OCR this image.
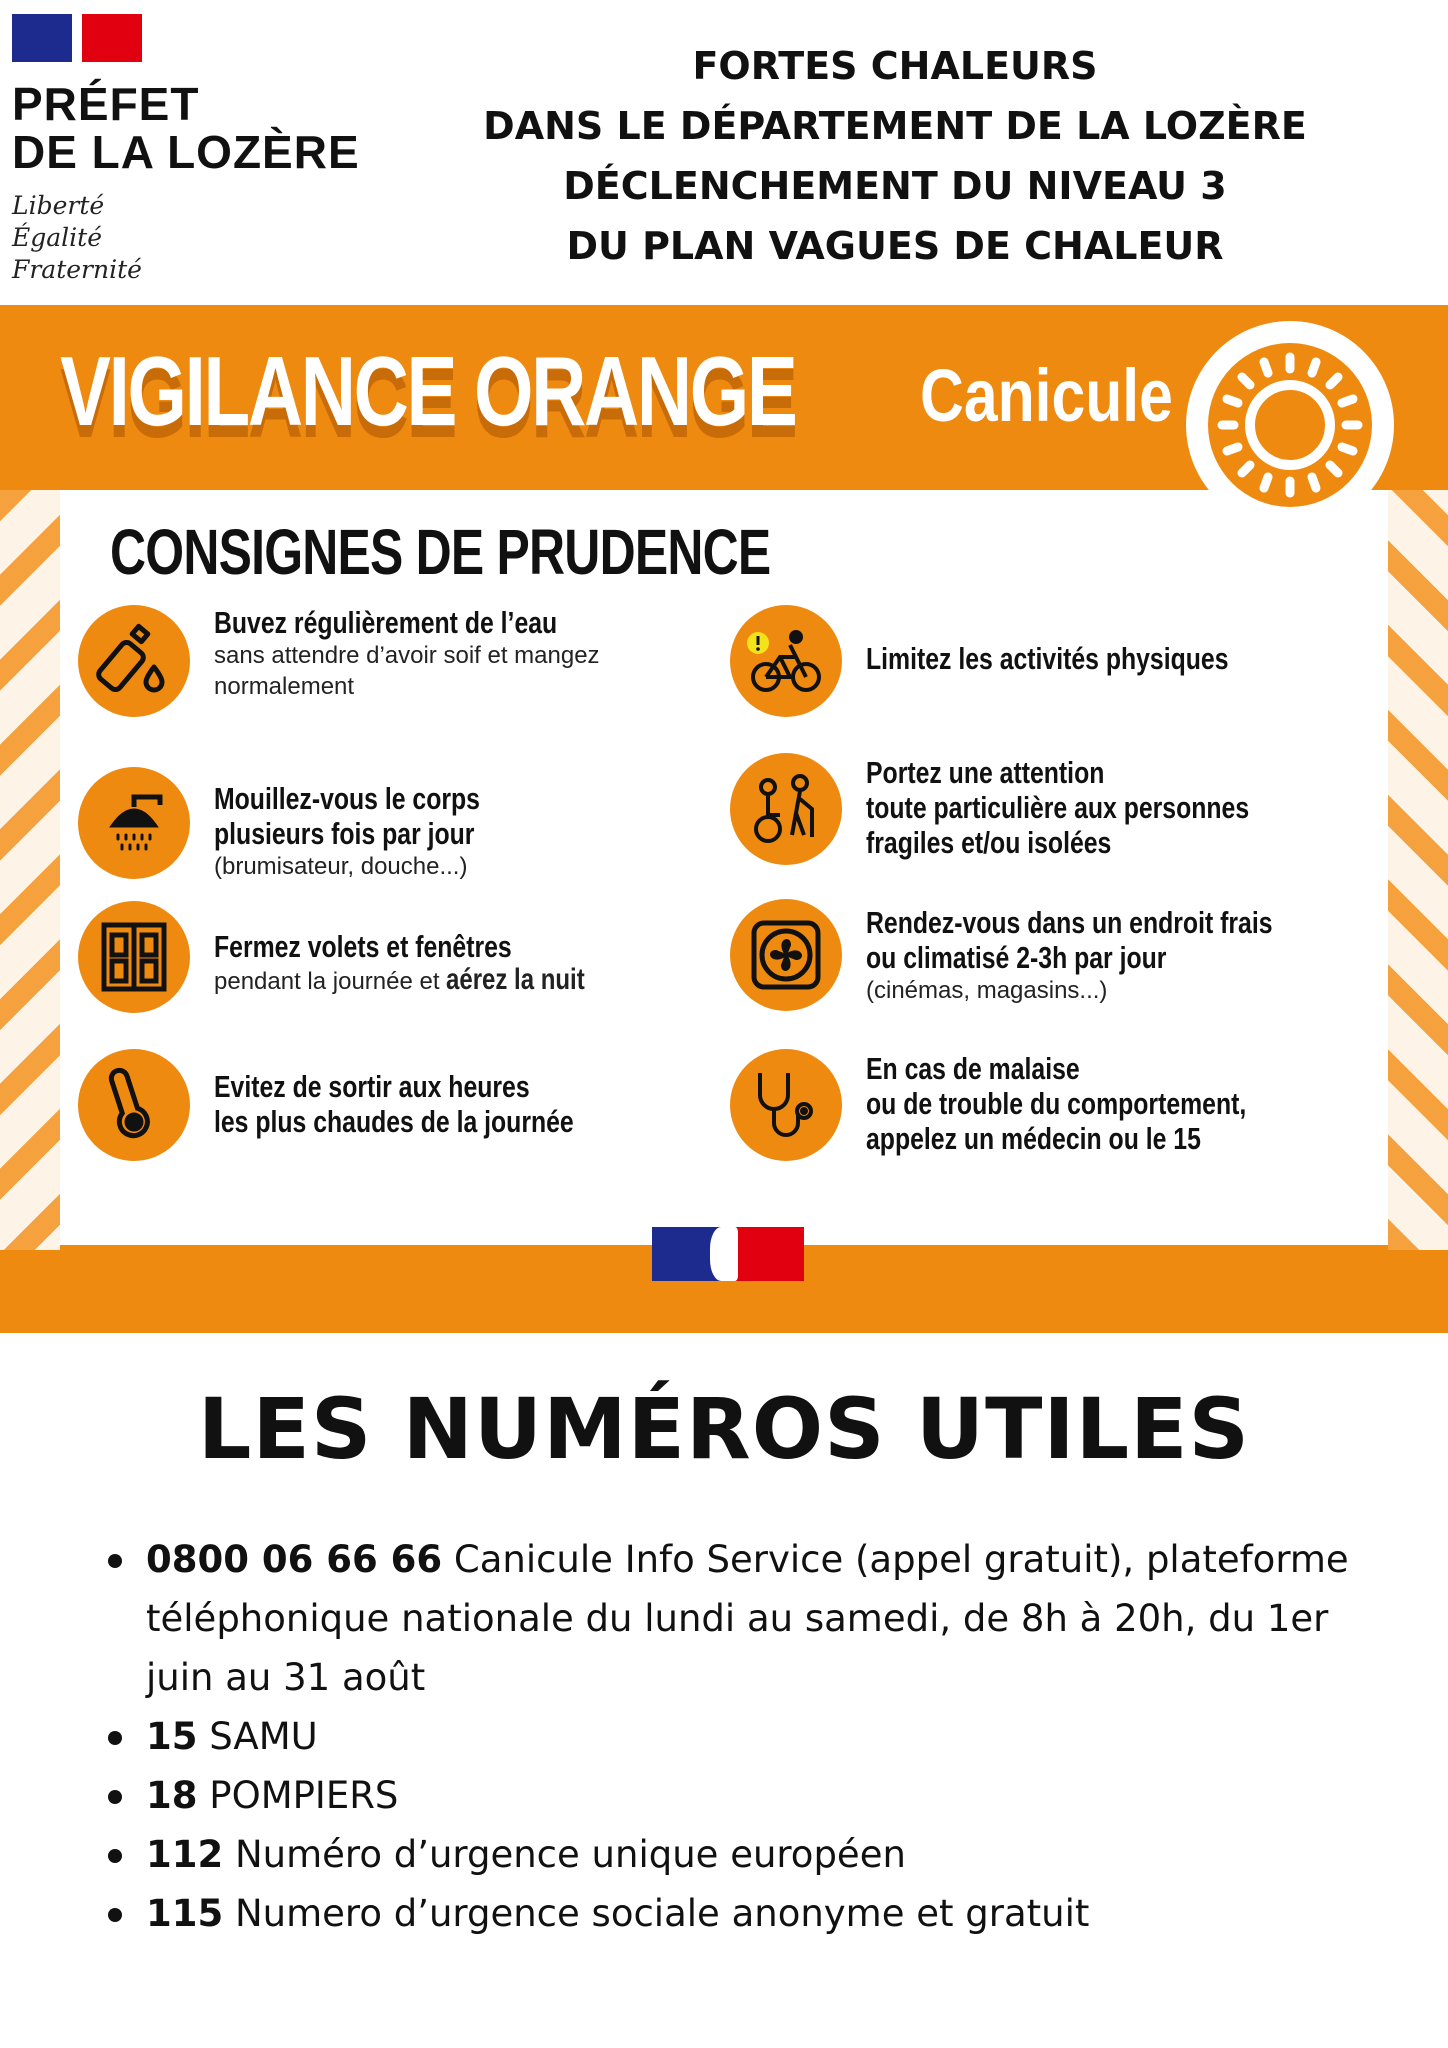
PRÉFET
DE LA LOZÈRE
Liberté
Égalité
Fraternité
FORTES CHALEURS
DANS LE DÉPARTEMENT DE LA LOZÈRE
DÉCLENCHEMENT DU NIVEAU 3
DU PLAN VAGUES DE CHALEUR
VIGILANCE ORANGE Canicule
CONSIGNES DE PRUDENCE
Buvez régulièrement de l’eau
sans attendre d’avoir soif et mangez
normalement
Limitez les activités physiques
Mouillez-vous le corps
plusieurs fois par jour
(brumisateur, douche...)
Portez une attention
toute particulière aux personnes
fragiles et/ou isolées
Fermez volets et fenêtres
pendant la journée et aérez la nuit
Rendez-vous dans un endroit frais
ou climatisé 2-3h par jour
(cinémas, magasins...)
Evitez de sortir aux heures
les plus chaudes de la journée
En cas de malaise
ou de trouble du comportement,
appelez un médecin ou le 15
LES NUMÉROS UTILES
0800 06 66 66 Canicule Info Service (appel gratuit), plateforme téléphonique nationale du lundi au samedi, de 8h à 20h, du 1er juin au 31 août
15 SAMU
18 POMPIERS
112 Numéro d’urgence unique européen
115 Numero d’urgence sociale anonyme et gratuit
